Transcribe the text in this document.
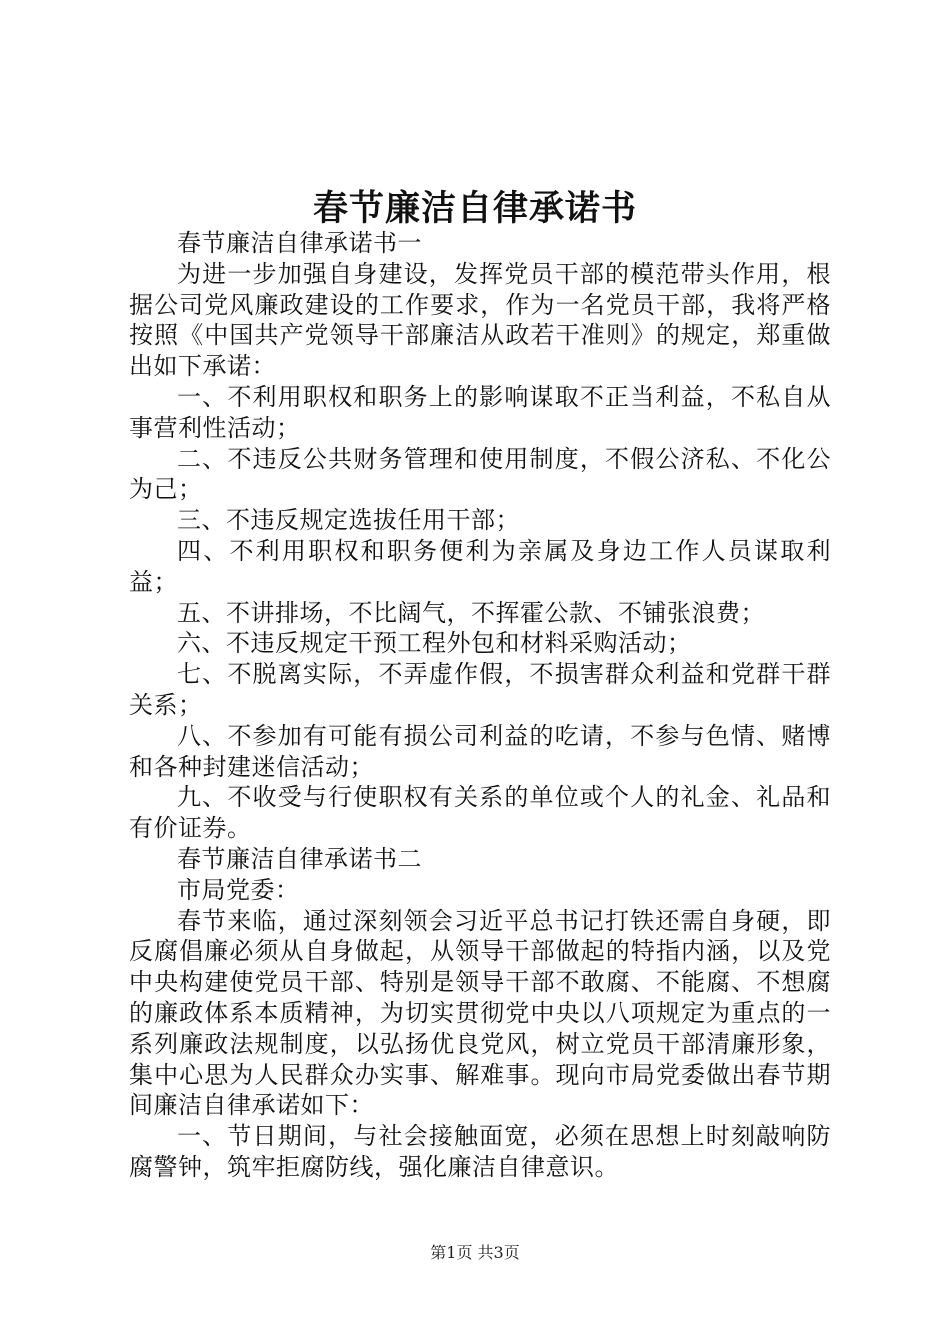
春节廉洁自律承诺书

春节廉洁自律承诺书一

为进一步加强自身建设，发挥党员干部的模范带头作用，根据公司党风廉政建设的工作要求，作为一名党员干部，我将严格按照《中国共产党领导干部廉洁从政若干准则》的规定，郑重做出如下承诺：

一、不利用职权和职务上的影响谋取不正当利益，不私自从事营利性活动；

二、不违反公共财务管理和使用制度，不假公济私、不化公为己；

三、不违反规定选拔任用干部；

四、不利用职权和职务便利为亲属及身边工作人员谋取利益；

五、不讲排场，不比阔气，不挥霍公款、不铺张浪费；

六、不违反规定干预工程外包和材料采购活动；

七、不脱离实际，不弄虚作假，不损害群众利益和党群干群关系；

八、不参加有可能有损公司利益的吃请，不参与色情、赌博和各种封建迷信活动；

九、不收受与行使职权有关系的单位或个人的礼金、礼品和有价证券。

春节廉洁自律承诺书二

市局党委：

春节来临，通过深刻领会习近平总书记打铁还需自身硬，即反腐倡廉必须从自身做起，从领导干部做起的特指内涵，以及党中央构建使党员干部、特别是领导干部不敢腐、不能腐、不想腐的廉政体系本质精神，为切实贯彻党中央以八项规定为重点的一系列廉政法规制度，以弘扬优良党风，树立党员干部清廉形象，集中心思为人民群众办实事、解难事。现向市局党委做出春节期间廉洁自律承诺如下：

一、节日期间，与社会接触面宽，必须在思想上时刻敲响防腐警钟，筑牢拒腐防线，强化廉洁自律意识。

第1页 共3页
